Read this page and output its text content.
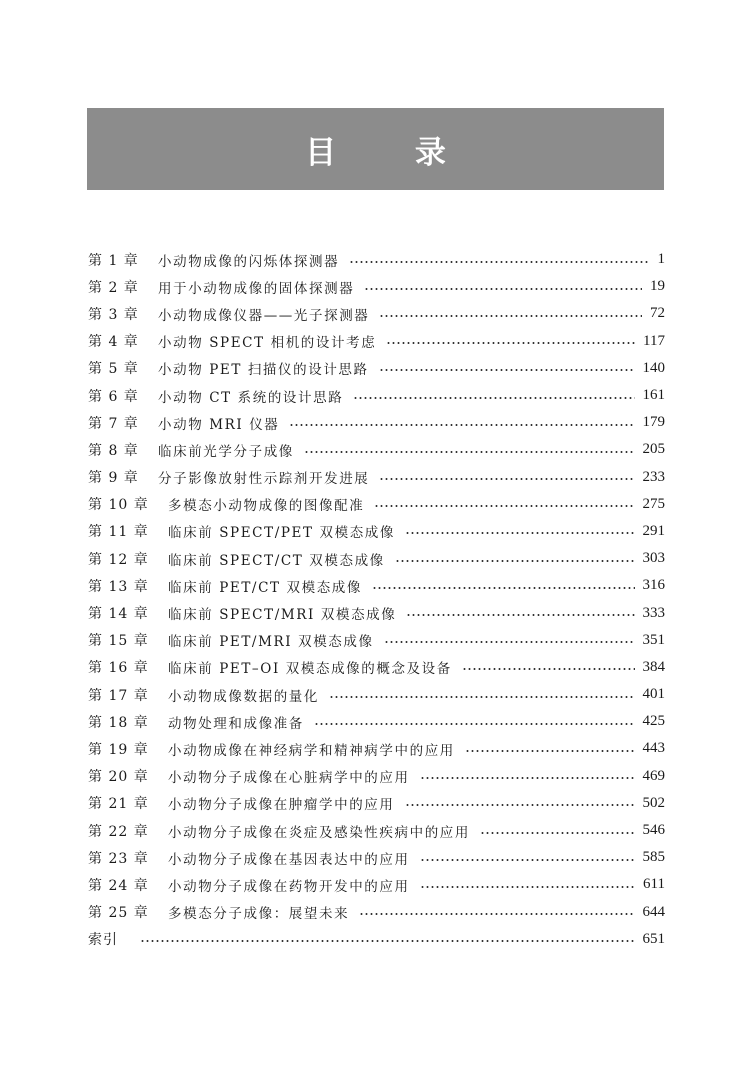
目 录
第 1 章	小动物成像的闪烁体探测器	1
第 2 章	用于小动物成像的固体探测器	19
第 3 章	小动物成像仪器——光子探测器	72
第 4 章	小动物 SPECT 相机的设计考虑	117
第 5 章	小动物 PET 扫描仪的设计思路	140
第 6 章	小动物 CT 系统的设计思路	161
第 7 章	小动物 MRI 仪器	179
第 8 章	临床前光学分子成像	205
第 9 章	分子影像放射性示踪剂开发进展	233
第 10 章	多模态小动物成像的图像配准	275
第 11 章	临床前 SPECT/PET 双模态成像	291
第 12 章	临床前 SPECT/CT 双模态成像	303
第 13 章	临床前 PET/CT 双模态成像	316
第 14 章	临床前 SPECT/MRI 双模态成像	333
第 15 章	临床前 PET/MRI 双模态成像	351
第 16 章	临床前 PET–OI 双模态成像的概念及设备	384
第 17 章	小动物成像数据的量化	401
第 18 章	动物处理和成像准备	425
第 19 章	小动物成像在神经病学和精神病学中的应用	443
第 20 章	小动物分子成像在心脏病学中的应用	469
第 21 章	小动物分子成像在肿瘤学中的应用	502
第 22 章	小动物分子成像在炎症及感染性疾病中的应用	546
第 23 章	小动物分子成像在基因表达中的应用	585
第 24 章	小动物分子成像在药物开发中的应用	611
第 25 章	多模态分子成像：展望未来	644
索引	651
